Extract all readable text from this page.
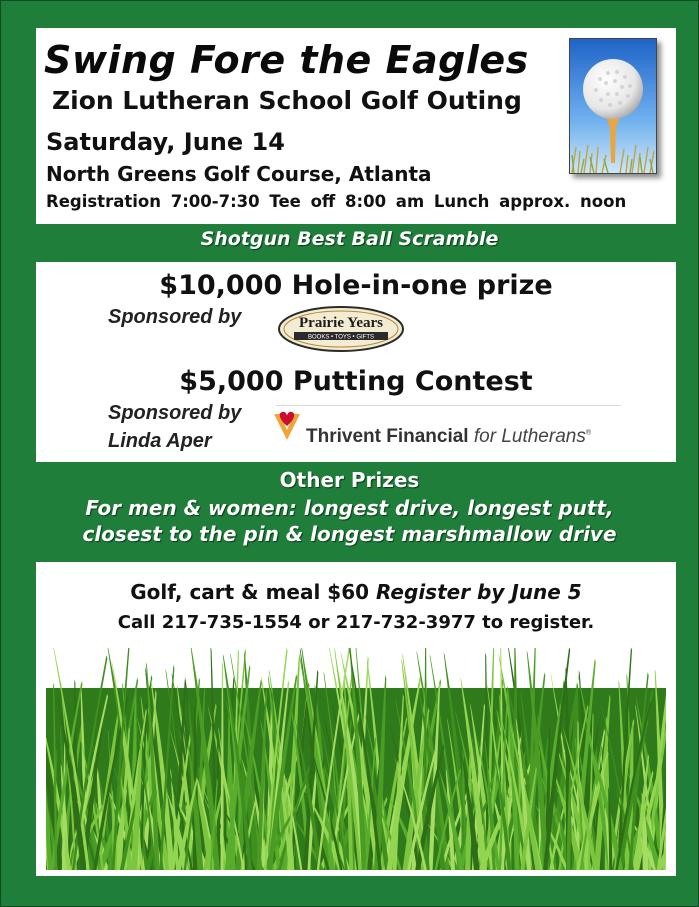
Swing Fore the Eagles
Zion Lutheran School Golf Outing
Saturday, June 14
North Greens Golf Course, Atlanta
Registration 7:00-7:30 Tee off 8:00 am Lunch approx. noon
Shotgun Best Ball Scramble
$10,000 Hole-in-one prize
Sponsored by	Prairie Years
BOOKS • TOYS • GIFTS
$5,000 Putting Contest
Sponsored by
Linda Aper	Thrivent Financial for Lutherans®
Other Prizes
For men & women: longest drive, longest putt,
closest to the pin & longest marshmallow drive
Golf, cart & meal $60 Register by June 5
Call 217-735-1554 or 217-732-3977 to register.
